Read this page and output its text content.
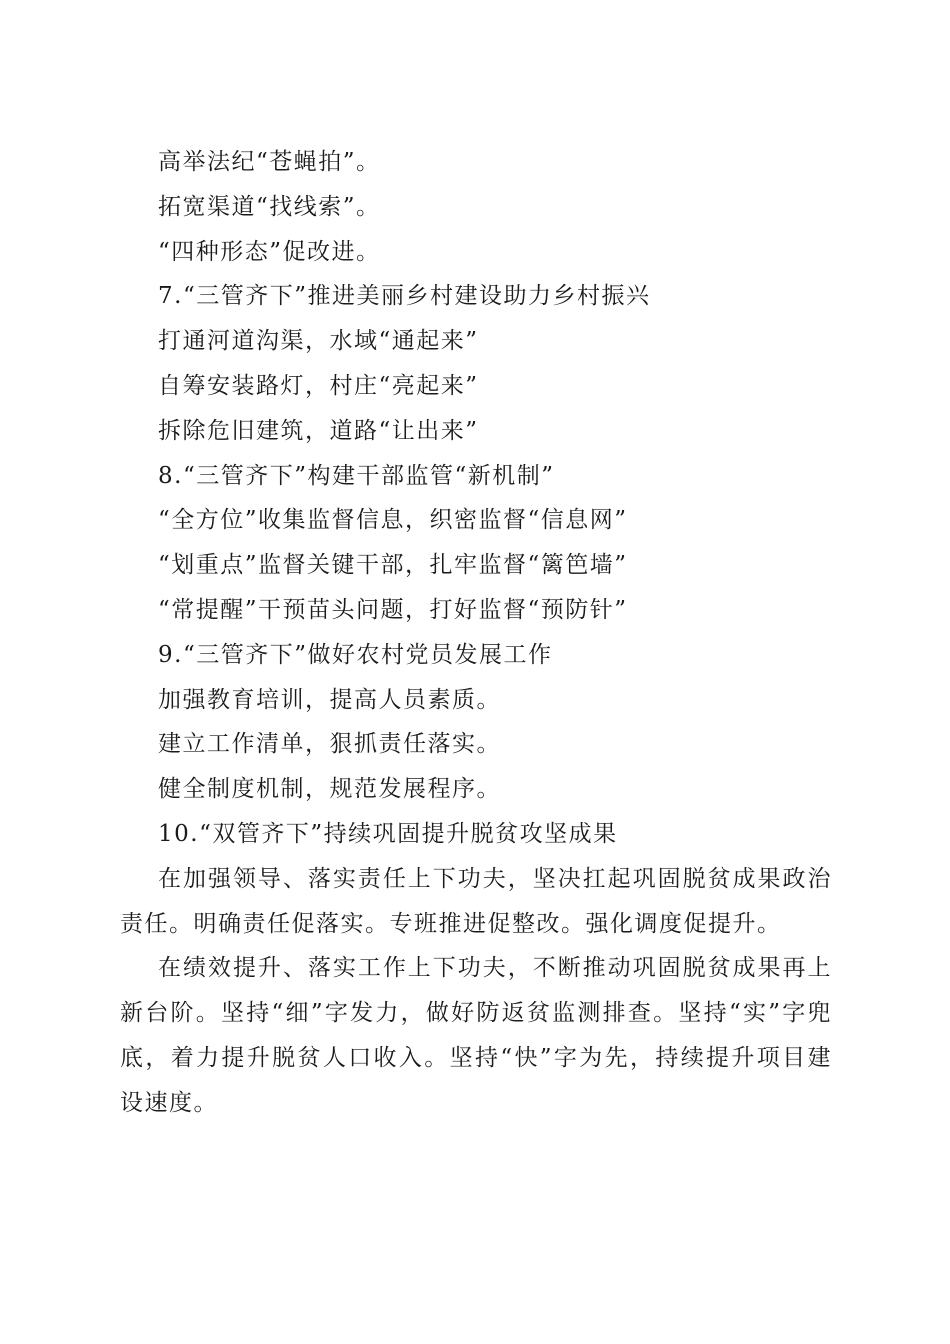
高举法纪“苍蝇拍”。
拓宽渠道“找线索”。
“四种形态”促改进。
7.“三管齐下”推进美丽乡村建设助力乡村振兴
打通河道沟渠，水域“通起来”
自筹安装路灯，村庄“亮起来”
拆除危旧建筑，道路“让出来”
8.“三管齐下”构建干部监管“新机制”
“全方位”收集监督信息，织密监督“信息网”
“划重点”监督关键干部，扎牢监督“篱笆墙”
“常提醒”干预苗头问题，打好监督“预防针”
9.“三管齐下”做好农村党员发展工作
加强教育培训，提高人员素质。
建立工作清单，狠抓责任落实。
健全制度机制，规范发展程序。
10.“双管齐下”持续巩固提升脱贫攻坚成果
在加强领导、落实责任上下功夫，坚决扛起巩固脱贫成果政治责任。明确责任促落实。专班推进促整改。强化调度促提升。
在绩效提升、落实工作上下功夫，不断推动巩固脱贫成果再上新台阶。坚持“细”字发力，做好防返贫监测排查。坚持“实”字兜底，着力提升脱贫人口收入。坚持“快”字为先，持续提升项目建设速度。
